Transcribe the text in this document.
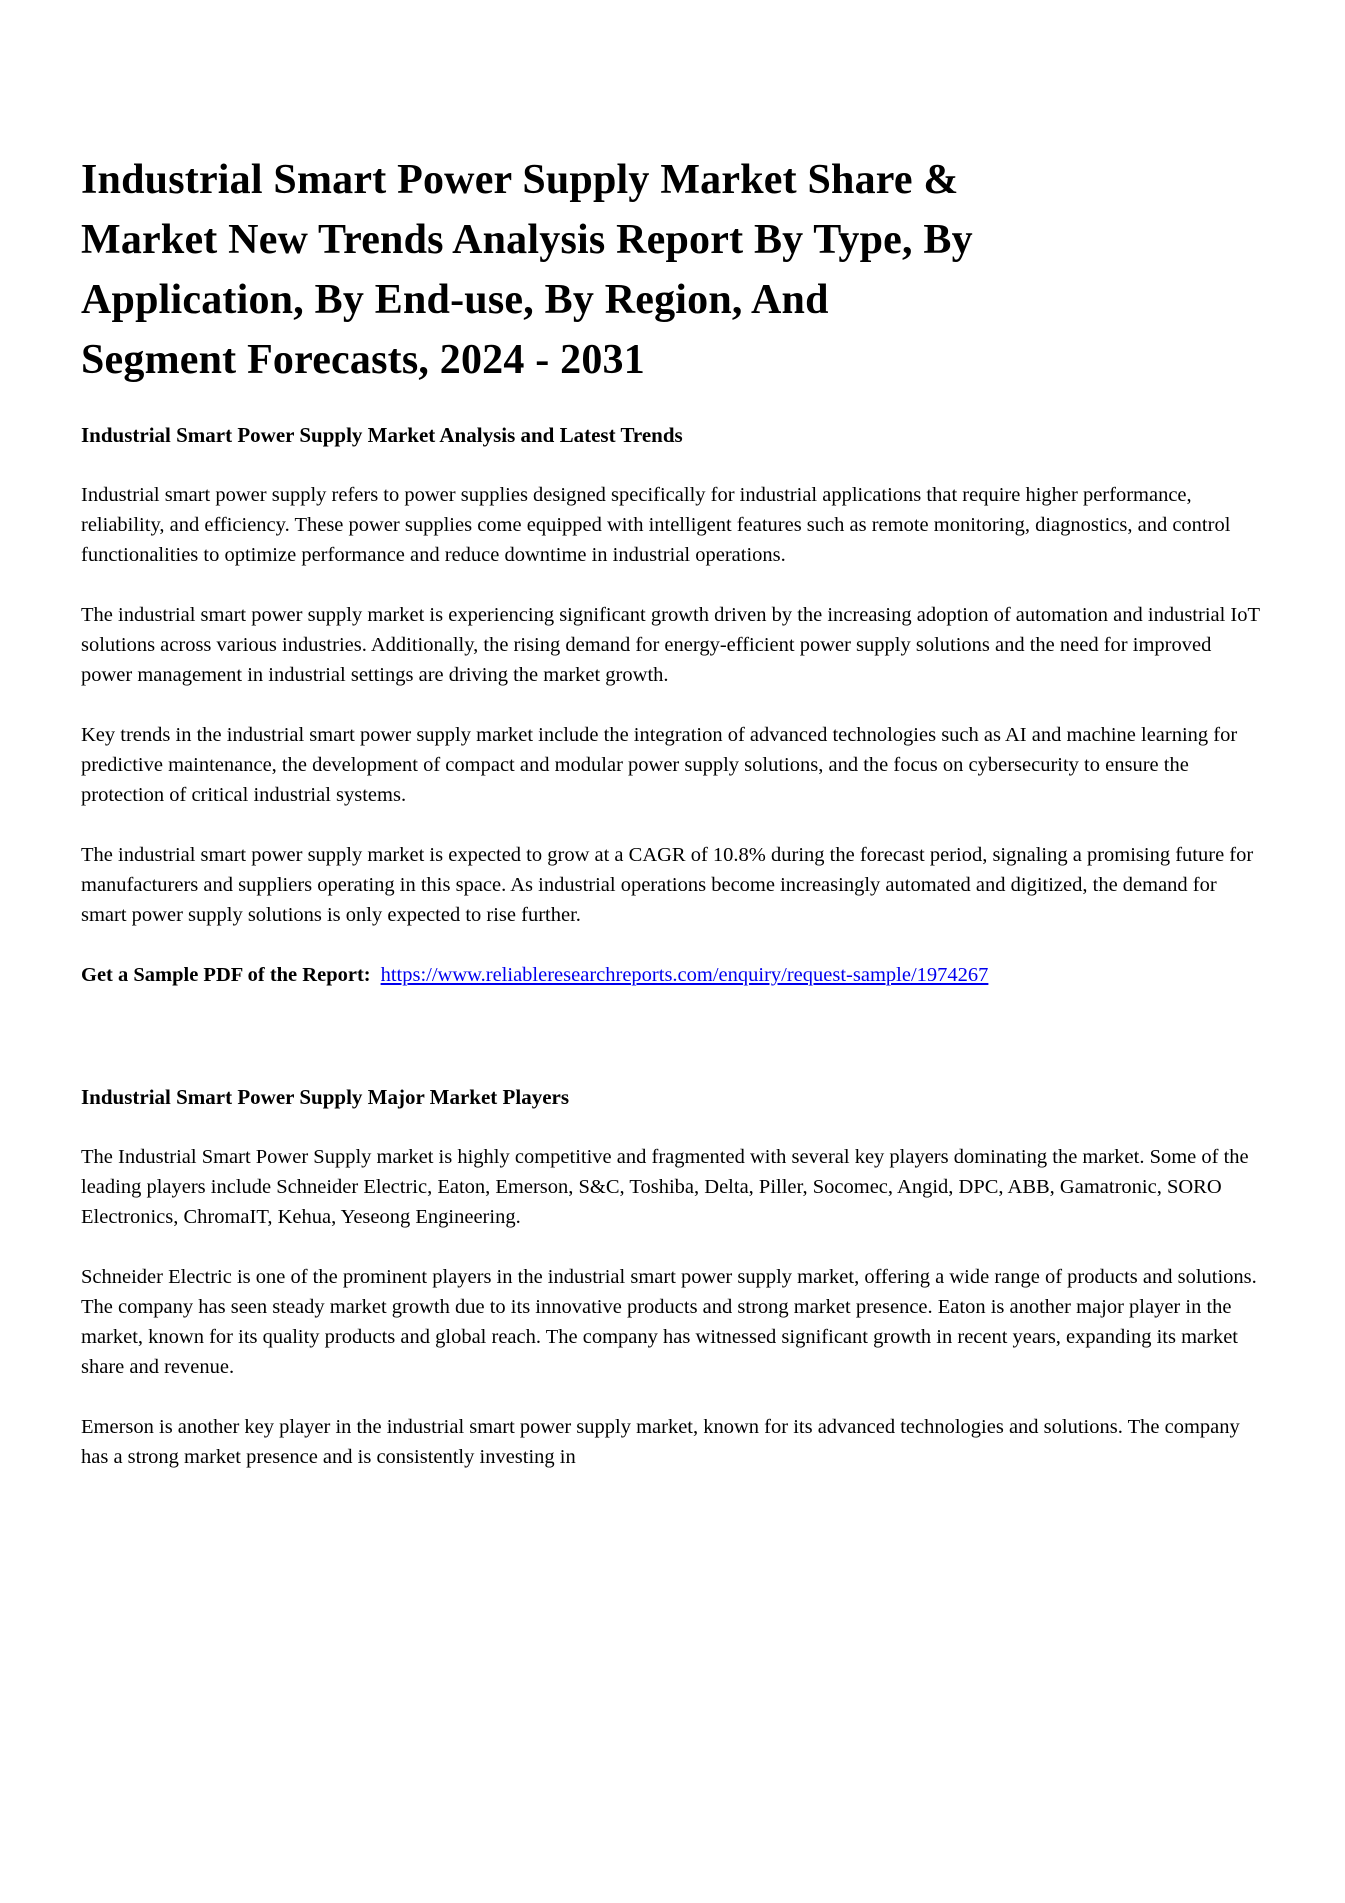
Industrial Smart Power Supply Market Share &
Market New Trends Analysis Report By Type, By
Application, By End-use, By Region, And
Segment Forecasts, 2024 - 2031
Industrial Smart Power Supply Market Analysis and Latest Trends

Industrial smart power supply refers to power supplies designed specifically for industrial applications that require higher performance, reliability, and efficiency. These power supplies come equipped with intelligent features such as remote monitoring, diagnostics, and control functionalities to optimize performance and reduce downtime in industrial operations.

The industrial smart power supply market is experiencing significant growth driven by the increasing adoption of automation and industrial IoT solutions across various industries. Additionally, the rising demand for energy-efficient power supply solutions and the need for improved power management in industrial settings are driving the market growth.

Key trends in the industrial smart power supply market include the integration of advanced technologies such as AI and machine learning for predictive maintenance, the development of compact and modular power supply solutions, and the focus on cybersecurity to ensure the protection of critical industrial systems.

The industrial smart power supply market is expected to grow at a CAGR of 10.8% during the forecast period, signaling a promising future for manufacturers and suppliers operating in this space. As industrial operations become increasingly automated and digitized, the demand for smart power supply solutions is only expected to rise further.

Get a Sample PDF of the Report: https://www.reliableresearchreports.com/enquiry/request-sample/1974267

Industrial Smart Power Supply Major Market Players

The Industrial Smart Power Supply market is highly competitive and fragmented with several key players dominating the market. Some of the leading players include Schneider Electric, Eaton, Emerson, S&C, Toshiba, Delta, Piller, Socomec, Angid, DPC, ABB, Gamatronic, SORO Electronics, ChromaIT, Kehua, Yeseong Engineering.

Schneider Electric is one of the prominent players in the industrial smart power supply market, offering a wide range of products and solutions. The company has seen steady market growth due to its innovative products and strong market presence. Eaton is another major player in the market, known for its quality products and global reach. The company has witnessed significant growth in recent years, expanding its market share and revenue.

Emerson is another key player in the industrial smart power supply market, known for its advanced technologies and solutions. The company has a strong market presence and is consistently investing in
